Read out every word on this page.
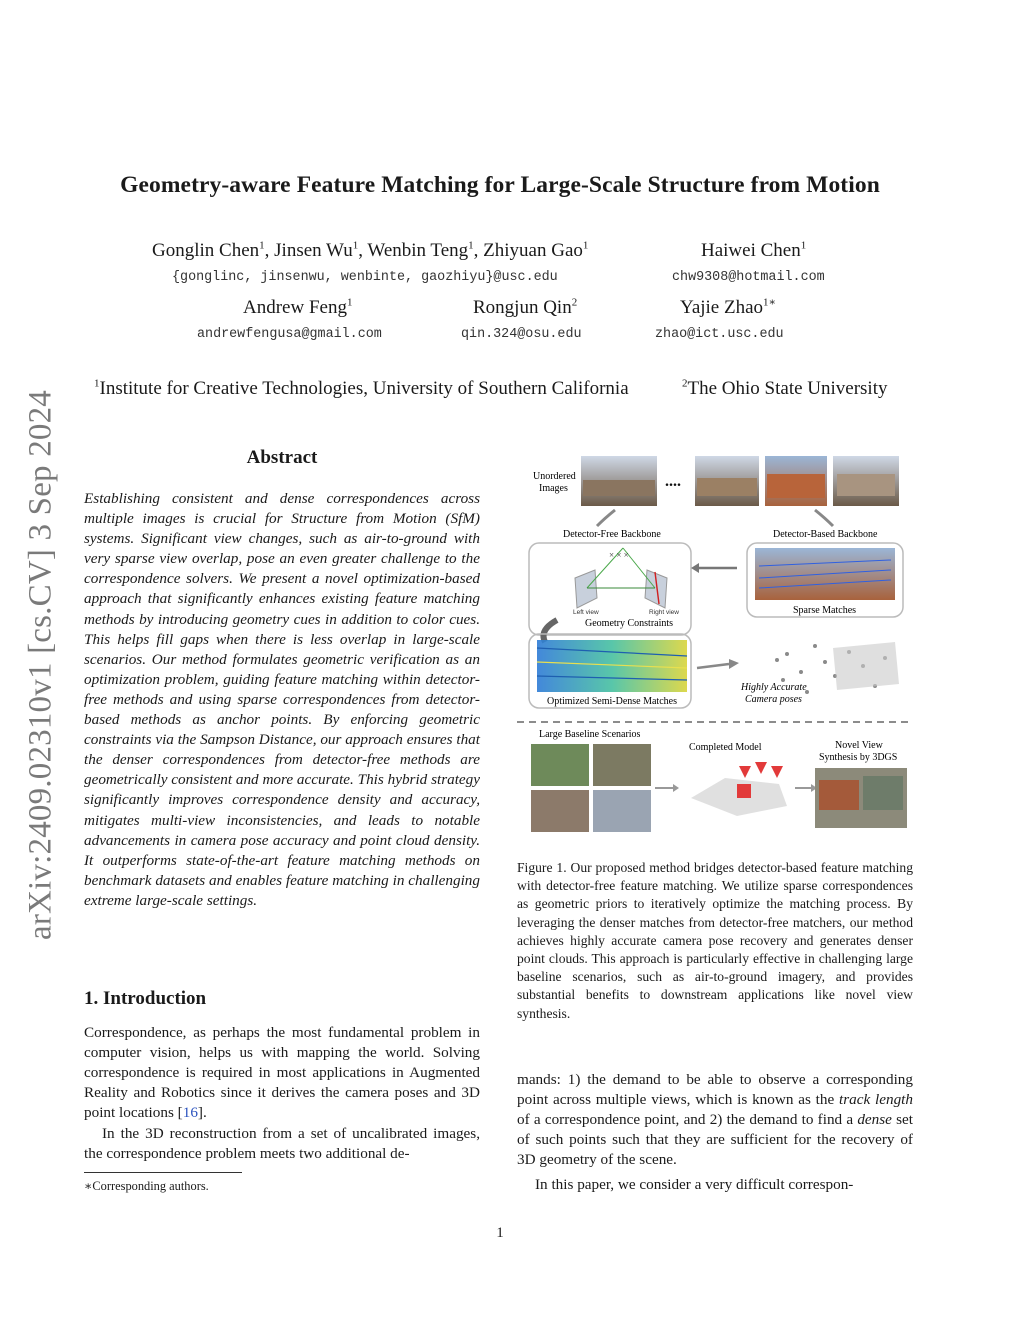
arXiv:2409.02310v1 [cs.CV] 3 Sep 2024
Geometry-aware Feature Matching for Large-Scale Structure from Motion
Gonglin Chen$^1$, Jinsen Wu$^1$, Wenbin Teng$^1$, Zhiyuan Gao$^1$
{gonglinc, jinsenwu, wenbinte, gaozhiyu}@usc.edu
Haiwei Chen$^1$
chw9308@hotmail.com
Andrew Feng$^1$
andrewfengusa@gmail.com
Rongjun Qin$^2$
qin.324@osu.edu
Yajie Zhao$^{1∗}$
zhao@ict.usc.edu
$^1$Institute for Creative Technologies, University of Southern California	$^2$The Ohio State University
Abstract
Establishing consistent and dense correspondences across multiple images is crucial for Structure from Motion (SfM) systems. Significant view changes, such as air-to-ground with very sparse view overlap, pose an even greater challenge to the correspondence solvers. We present a novel optimization-based approach that significantly enhances existing feature matching methods by introducing geometry cues in addition to color cues. This helps fill gaps when there is less overlap in large-scale scenarios. Our method formulates geometric verification as an optimization problem, guiding feature matching within detector-free methods and using sparse correspondences from detector-based methods as anchor points. By enforcing geometric constraints via the Sampson Distance, our approach ensures that the denser correspondences from detector-free methods are geometrically consistent and more accurate. This hybrid strategy significantly improves correspondence density and accuracy, mitigates multi-view inconsistencies, and leads to notable advancements in camera pose accuracy and point cloud density. It outperforms state-of-the-art feature matching methods on benchmark datasets and enables feature matching in challenging extreme large-scale settings.
1. Introduction
Correspondence, as perhaps the most fundamental problem in computer vision, helps us with mapping the world. Solving correspondence is required in most applications in Augmented Reality and Robotics since it derives the camera poses and 3D point locations [16].
In the 3D reconstruction from a set of uncalibrated images, the correspondence problem meets two additional de-
∗Corresponding authors.
mands: 1) the demand to be able to observe a corresponding point across multiple views, which is known as the track length of a correspondence point, and 2) the demand to find a dense set of such points such that they are sufficient for the recovery of 3D geometry of the scene.
In this paper, we consider a very difficult correspon-
Figure 1. Our proposed method bridges detector-based feature matching with detector-free feature matching. We utilize sparse correspondences as geometric priors to iteratively optimize the matching process. By leveraging the denser matches from detector-free matchers, our method achieves highly accurate camera pose recovery and generates denser point clouds. This approach is particularly effective in challenging large baseline scenarios, such as air-to-ground imagery, and provides substantial benefits to downstream applications like novel view synthesis.
Unordered
Images	....
Detector-Free Backbone
× × ×
Left view	Right view
Geometry Constraints
Detector-Based Backbone
Sparse Matches
Optimized Semi-Dense Matches
Highly Accurate
Camera poses
Large Baseline Scenarios
Completed Model	Novel View
Synthesis by 3DGS
1
